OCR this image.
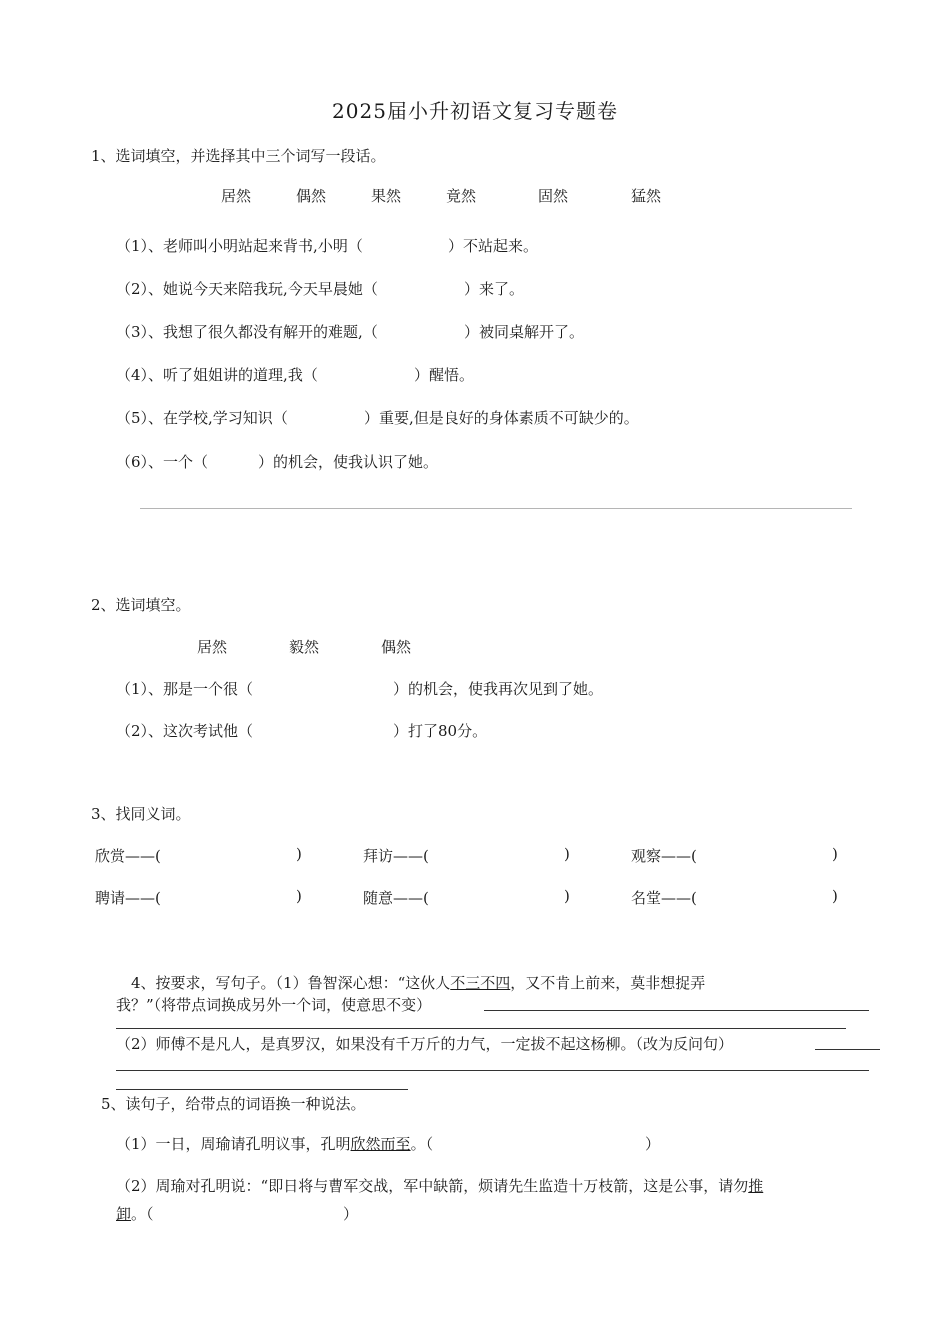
2025届小升初语文复习专题卷
1、选词填空，并选择其中三个词写一段话。
居然	偶然	果然	竟然	固然	猛然
（1）、老师叫小明站起来背书,小明（	）不站起来。
（2）、她说今天来陪我玩,今天早晨她（	）来了。
（3）、我想了很久都没有解开的难题,（	）被同桌解开了。
（4）、听了姐姐讲的道理,我（	）醒悟。
（5）、在学校,学习知识（	）重要,但是良好的身体素质不可缺少的。
（6）、一个（	）的机会，使我认识了她。
2、选词填空。
居然	毅然	偶然
（1）、那是一个很（	）的机会，使我再次见到了她。
（2）、这次考试他（	）打了80分。
3、找同义词。
欣赏——(	)	拜访——(	)	观察——(	)
聘请——(	)	随意——(	)	名堂——(	)
4、按要求，写句子。（1）鲁智深心想：“这伙人不三不四，又不肯上前来，莫非想捉弄
我？”（将带点词换成另外一个词，使意思不变）
（2）师傅不是凡人，是真罗汉，如果没有千万斤的力气，一定拔不起这杨柳。（改为反问句）
5、读句子，给带点的词语换一种说法。
（1）一日，周瑜请孔明议事，孔明欣然而至。（	）
（2）周瑜对孔明说：“即日将与曹军交战，军中缺箭，烦请先生监造十万枝箭，这是公事，请勿推
卸。（	）
